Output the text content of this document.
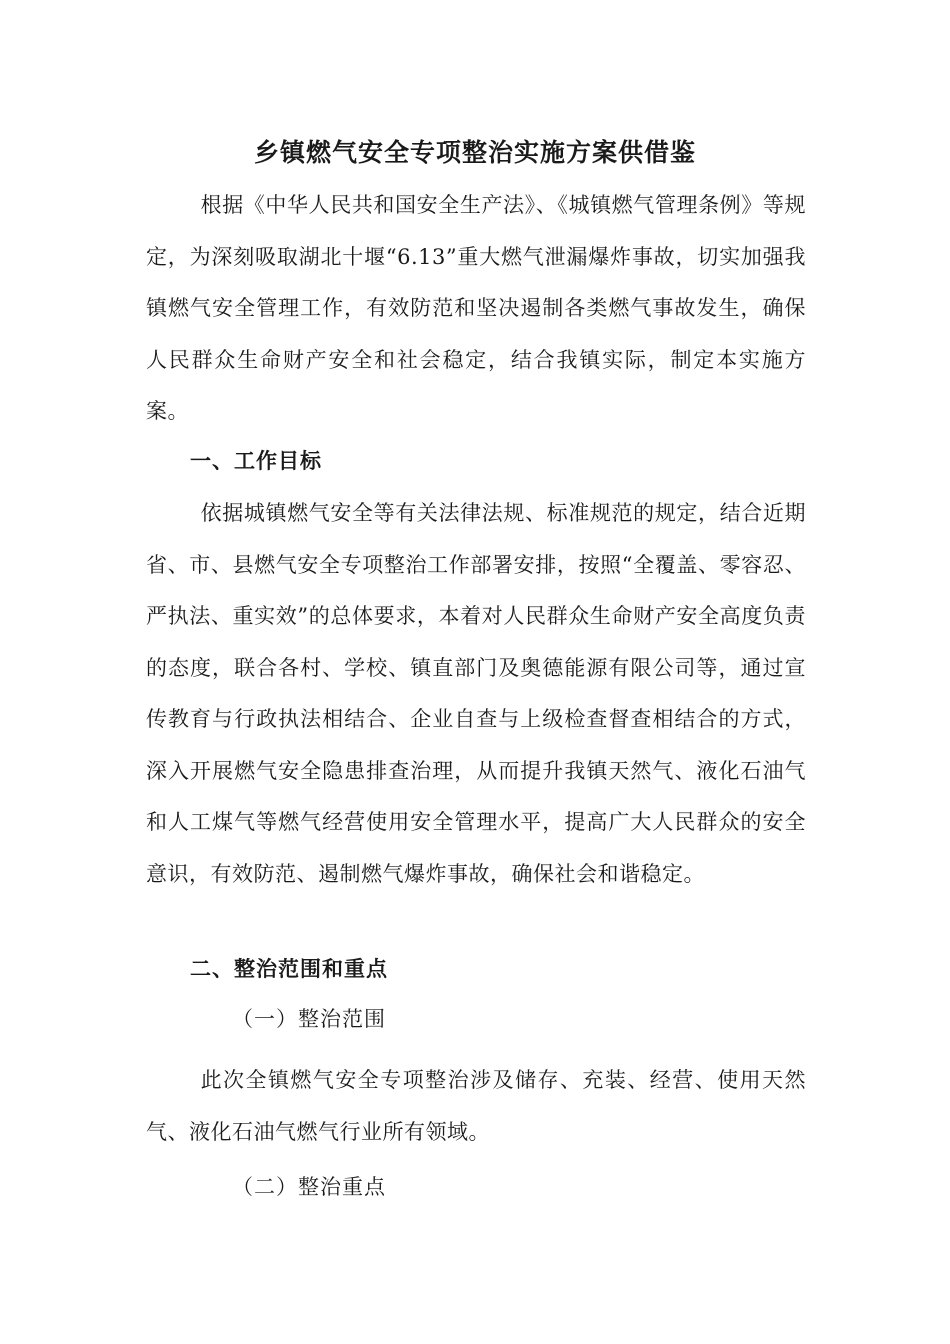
乡镇燃气安全专项整治实施方案供借鉴
根据《中华人民共和国安全生产法》、《城镇燃气管理条例》等规定，为深刻吸取湖北十堰“6.13”重大燃气泄漏爆炸事故，切实加强我镇燃气安全管理工作，有效防范和坚决遏制各类燃气事故发生，确保人民群众生命财产安全和社会稳定，结合我镇实际，制定本实施方案。
一、工作目标
依据城镇燃气安全等有关法律法规、标准规范的规定，结合近期省、市、县燃气安全专项整治工作部署安排，按照“全覆盖、零容忍、严执法、重实效”的总体要求，本着对人民群众生命财产安全高度负责的态度，联合各村、学校、镇直部门及奥德能源有限公司等，通过宣传教育与行政执法相结合、企业自查与上级检查督查相结合的方式，深入开展燃气安全隐患排查治理，从而提升我镇天然气、液化石油气和人工煤气等燃气经营使用安全管理水平，提高广大人民群众的安全意识，有效防范、遏制燃气爆炸事故，确保社会和谐稳定。
二、整治范围和重点
（一）整治范围
此次全镇燃气安全专项整治涉及储存、充装、经营、使用天然气、液化石油气燃气行业所有领域。
（二）整治重点
